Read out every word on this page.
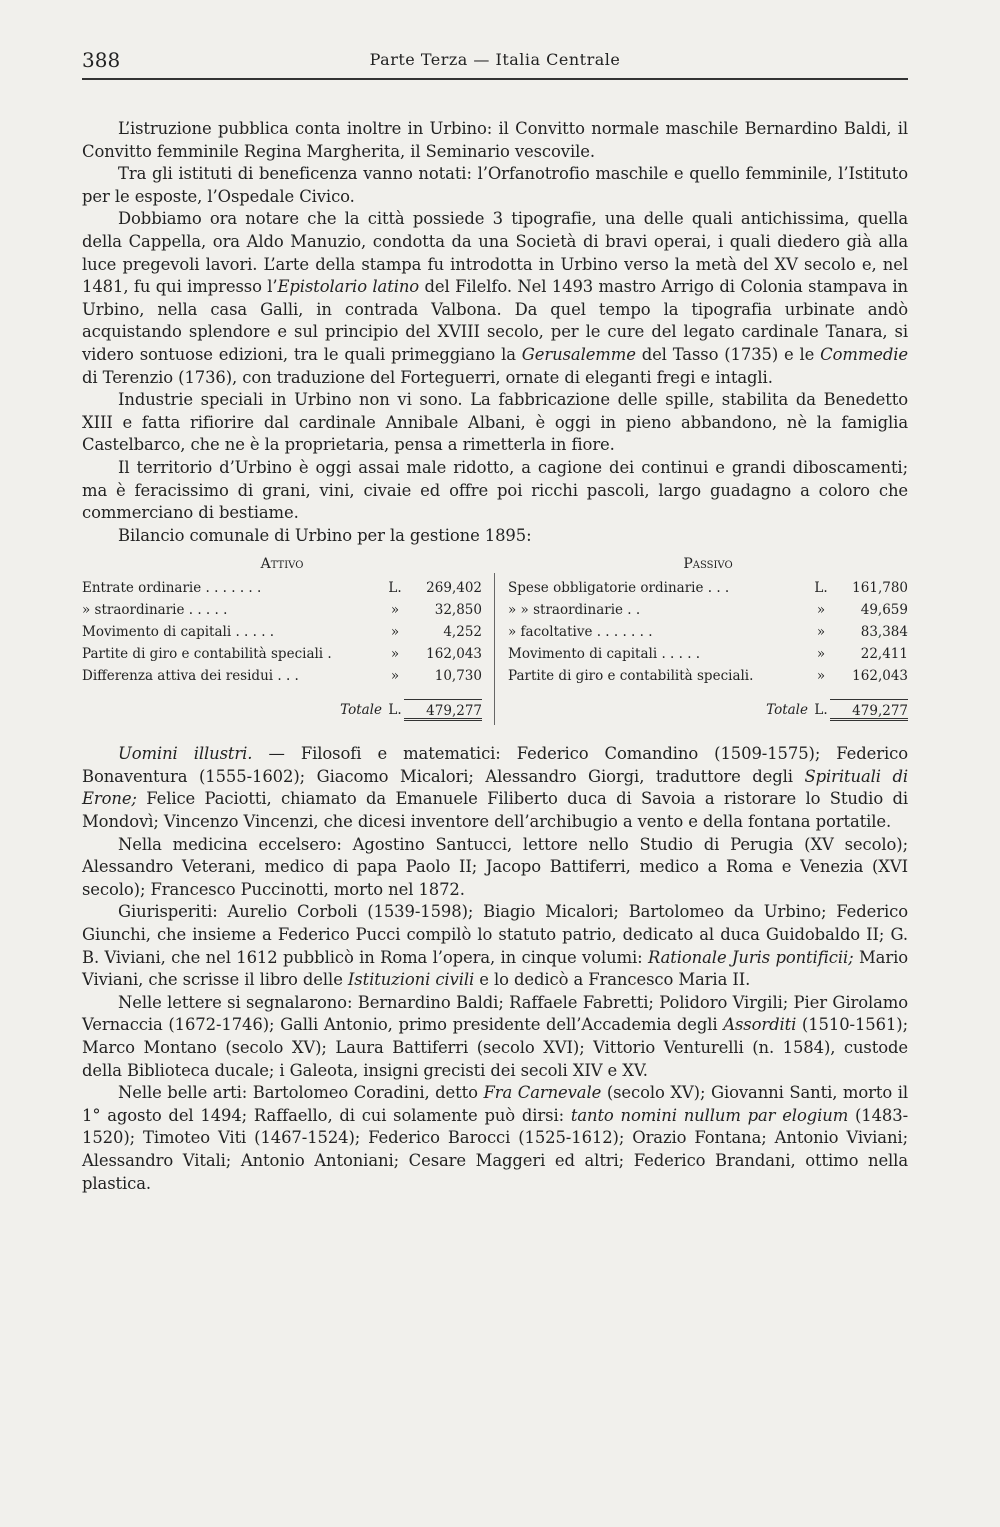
388	Parte Terza — Italia Centrale

L’istruzione pubblica conta inoltre in Urbino: il Convitto normale maschile Bernardino Baldi, il Convitto femminile Regina Margherita, il Seminario vescovile.

Tra gli istituti di beneficenza vanno notati: l’Orfanotrofio maschile e quello femminile, l’Istituto per le esposte, l’Ospedale Civico.

Dobbiamo ora notare che la città possiede 3 tipografie, una delle quali antichissima, quella della Cappella, ora Aldo Manuzio, condotta da una Società di bravi operai, i quali diedero già alla luce pregevoli lavori. L’arte della stampa fu introdotta in Urbino verso la metà del XV secolo e, nel 1481, fu qui impresso l’Epistolario latino del Filelfo. Nel 1493 mastro Arrigo di Colonia stampava in Urbino, nella casa Galli, in contrada Valbona. Da quel tempo la tipografia urbinate andò acquistando splendore e sul principio del XVIII secolo, per le cure del legato cardinale Tanara, si videro sontuose edizioni, tra le quali primeggiano la Gerusalemme del Tasso (1735) e le Commedie di Terenzio (1736), con traduzione del Forteguerri, ornate di eleganti fregi e intagli.

Industrie speciali in Urbino non vi sono. La fabbricazione delle spille, stabilita da Benedetto XIII e fatta rifiorire dal cardinale Annibale Albani, è oggi in pieno abbandono, nè la famiglia Castelbarco, che ne è la proprietaria, pensa a rimetterla in fiore.

Il territorio d’Urbino è oggi assai male ridotto, a cagione dei continui e grandi diboscamenti; ma è feracissimo di grani, vini, civaie ed offre poi ricchi pascoli, largo guadagno a coloro che commerciano di bestiame.

Bilancio comunale di Urbino per la gestione 1895:

Attivo
Entrate ordinarie . . . . . . .	L.	269,402
» straordinarie . . . . .	»	32,850
Movimento di capitali . . . . .	»	4,252
Partite di giro e contabilità speciali .	»	162,043
Differenza attiva dei residui . . .	»	10,730
Totale L.	479,277
Passivo
Spese obbligatorie ordinarie . . .	L.	161,780
» » straordinarie . .	»	49,659
» facoltative . . . . . . .	»	83,384
Movimento di capitali . . . . .	»	22,411
Partite di giro e contabilità speciali.	»	162,043
Totale L.	479,277

Uomini illustri. — Filosofi e matematici: Federico Comandino (1509-1575); Federico Bonaventura (1555-1602); Giacomo Micalori; Alessandro Giorgi, traduttore degli Spirituali di Erone; Felice Paciotti, chiamato da Emanuele Filiberto duca di Savoia a ristorare lo Studio di Mondovì; Vincenzo Vincenzi, che dicesi inventore dell’archibugio a vento e della fontana portatile.

Nella medicina eccelsero: Agostino Santucci, lettore nello Studio di Perugia (XV secolo); Alessandro Veterani, medico di papa Paolo II; Jacopo Battiferri, medico a Roma e Venezia (XVI secolo); Francesco Puccinotti, morto nel 1872.

Giurisperiti: Aurelio Corboli (1539-1598); Biagio Micalori; Bartolomeo da Urbino; Federico Giunchi, che insieme a Federico Pucci compilò lo statuto patrio, dedicato al duca Guidobaldo II; G. B. Viviani, che nel 1612 pubblicò in Roma l’opera, in cinque volumi: Rationale Juris pontificii; Mario Viviani, che scrisse il libro delle Istituzioni civili e lo dedicò a Francesco Maria II.

Nelle lettere si segnalarono: Bernardino Baldi; Raffaele Fabretti; Polidoro Virgili; Pier Girolamo Vernaccia (1672-1746); Galli Antonio, primo presidente dell’Accademia degli Assorditi (1510-1561); Marco Montano (secolo XV); Laura Battiferri (secolo XVI); Vittorio Venturelli (n. 1584), custode della Biblioteca ducale; i Galeota, insigni grecisti dei secoli XIV e XV.

Nelle belle arti: Bartolomeo Coradini, detto Fra Carnevale (secolo XV); Giovanni Santi, morto il 1° agosto del 1494; Raffaello, di cui solamente può dirsi: tanto nomini nullum par elogium (1483-1520); Timoteo Viti (1467-1524); Federico Barocci (1525-1612); Orazio Fontana; Antonio Viviani; Alessandro Vitali; Antonio Antoniani; Cesare Maggeri ed altri; Federico Brandani, ottimo nella plastica.
